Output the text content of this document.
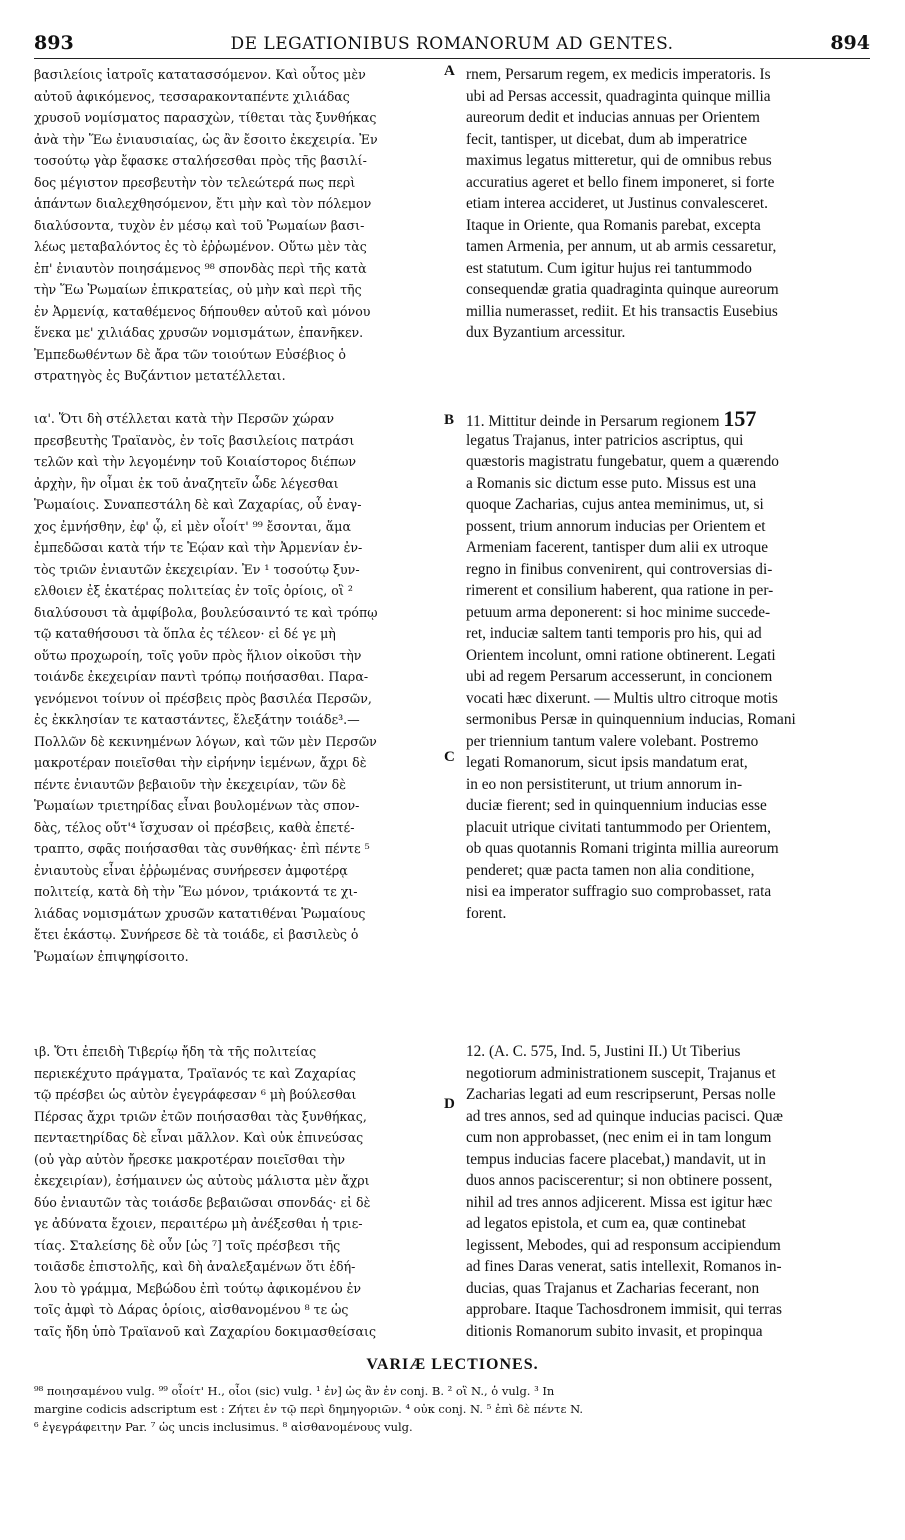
893	DE LEGATIONIBUS ROMANORUM AD GENTES.	894
A
B
C
D
βασιλείοις ἰατροῖς κατατασσόμενον. Καὶ οὗτος μὲν
αὐτοῦ ἀφικόμενος, τεσσαρακονταπέντε χιλιάδας
χρυσοῦ νομίσματος παρασχὼν, τίθεται τὰς ξυνθήκας
ἀνὰ τὴν Ἕω ἐνιαυσιαίας, ὡς ἂν ἔσοιτο ἐκεχειρία. Ἐν
τοσούτῳ γὰρ ἔφασκε σταλήσεσθαι πρὸς τῆς βασιλί-
δος μέγιστον πρεσβευτὴν τὸν τελεώτερά πως περὶ
ἁπάντων διαλεχθησόμενον, ἔτι μὴν καὶ τὸν πόλεμον
διαλύσοντα, τυχὸν ἐν μέσῳ καὶ τοῦ Ῥωμαίων βασι-
λέως μεταβαλόντος ἐς τὸ ἐῤῥωμένον. Οὕτω μὲν τὰς
ἐπ' ἐνιαυτὸν ποιησάμενος ⁹⁸ σπονδὰς περὶ τῆς κατὰ
τὴν Ἕω Ῥωμαίων ἐπικρατείας, οὐ μὴν καὶ περὶ τῆς
ἐν Ἀρμενίᾳ, καταθέμενος δήπουθεν αὐτοῦ καὶ μόνου
ἕνεκα με' χιλιάδας χρυσῶν νομισμάτων, ἐπανῆκεν.
Ἐμπεδωθέντων δὲ ἄρα τῶν τοιούτων Εὐσέβιος ὁ
στρατηγὸς ἐς Βυζάντιον μετατέλλεται.
rnem, Persarum regem, ex medicis imperatoris. Is
ubi ad Persas accessit, quadraginta quinque millia
aureorum dedit et inducias annuas per Orientem
fecit, tantisper, ut dicebat, dum ab imperatrice
maximus legatus mitteretur, qui de omnibus rebus
accuratius ageret et bello finem imponeret, si forte
etiam interea accideret, ut Justinus convalesceret.
Itaque in Oriente, qua Romanis parebat, excepta
tamen Armenia, per annum, ut ab armis cessaretur,
est statutum. Cum igitur hujus rei tantummodo
consequendæ gratia quadraginta quinque aureorum
millia numerasset, rediit. Et his transactis Eusebius
dux Byzantium arcessitur.
ια'. Ὅτι δὴ στέλλεται κατὰ τὴν Περσῶν χώραν
πρεσβευτὴς Τραϊανὸς, ἐν τοῖς βασιλείοις πατράσι
τελῶν καὶ τὴν λεγομένην τοῦ Κοιαίστορος διέπων
ἀρχὴν, ἣν οἶμαι ἐκ τοῦ ἀναζητεῖν ὧδε λέγεσθαι
Ῥωμαίοις. Συναπεστάλη δὲ καὶ Ζαχαρίας, οὗ ἐναγ-
χος ἐμνήσθην, ἐφ' ᾧ, εἰ μὲν οἷοίτ' ⁹⁹ ἔσονται, ἅμα
ἐμπεδῶσαι κατὰ τήν τε Ἑῴαν καὶ τὴν Ἀρμενίαν ἐν-
τὸς τριῶν ἐνιαυτῶν ἐκεχειρίαν. Ἐν ¹ τοσούτῳ ξυν-
ελθοιεν ἐξ ἑκατέρας πολιτείας ἐν τοῖς ὁρίοις, οἳ ²
διαλύσουσι τὰ ἀμφίβολα, βουλεύσαιντό τε καὶ τρόπῳ
τῷ καταθήσουσι τὰ ὅπλα ἐς τέλεον· εἰ δέ γε μὴ
οὕτω προχωροίη, τοῖς γοῦν πρὸς ἥλιον οἰκοῦσι τὴν
τοιάνδε ἐκεχειρίαν παντὶ τρόπῳ ποιήσασθαι. Παρα-
γενόμενοι τοίνυν οἱ πρέσβεις πρὸς βασιλέα Περσῶν,
ἐς ἐκκλησίαν τε καταστάντες, ἔλεξάτην τοιάδε³.—
Πολλῶν δὲ κεκινημένων λόγων, καὶ τῶν μὲν Περσῶν
μακροτέραν ποιεῖσθαι τὴν εἰρήνην ἱεμένων, ἄχρι δὲ
πέντε ἐνιαυτῶν βεβαιοῦν τὴν ἐκεχειρίαν, τῶν δὲ
Ῥωμαίων τριετηρίδας εἶναι βουλομένων τὰς σπον-
δὰς, τέλος οὔτ'⁴ ἴσχυσαν οἱ πρέσβεις, καθὰ ἐπετέ-
τραπτο, σφᾶς ποιήσασθαι τὰς συνθήκας· ἐπὶ πέντε ⁵
ἐνιαυτοὺς εἶναι ἐῤῥωμένας συνήρεσεν ἀμφοτέρᾳ
πολιτείᾳ, κατὰ δὴ τὴν Ἕω μόνον, τριάκοντά τε χι-
λιάδας νομισμάτων χρυσῶν κατατιθέναι Ῥωμαίους
ἔτει ἑκάστῳ. Συνήρεσε δὲ τὰ τοιάδε, εἰ βασιλεὺς ὁ
Ῥωμαίων ἐπιψηφίσοιτο.
11. Mittitur deinde in Persarum regionem 157
legatus Trajanus, inter patricios ascriptus, qui
quæstoris magistratu fungebatur, quem a quærendo
a Romanis sic dictum esse puto. Missus est una
quoque Zacharias, cujus antea meminimus, ut, si
possent, trium annorum inducias per Orientem et
Armeniam facerent, tantisper dum alii ex utroque
regno in finibus convenirent, qui controversias di-
rimerent et consilium haberent, qua ratione in per-
petuum arma deponerent: si hoc minime succede-
ret, induciæ saltem tanti temporis pro his, qui ad
Orientem incolunt, omni ratione obtinerent. Legati
ubi ad regem Persarum accesserunt, in concionem
vocati hæc dixerunt. — Multis ultro citroque motis
sermonibus Persæ in quinquennium inducias, Romani
per triennium tantum valere volebant. Postremo
legati Romanorum, sicut ipsis mandatum erat,
in eo non persistiterunt, ut trium annorum in-
duciæ fierent; sed in quinquennium inducias esse
placuit utrique civitati tantummodo per Orientem,
ob quas quotannis Romani triginta millia aureorum
penderet; quæ pacta tamen non alia conditione,
nisi ea imperator suffragio suo comprobasset, rata
forent.
ιβ. Ὅτι ἐπειδὴ Τιβερίῳ ἤδη τὰ τῆς πολιτείας
περιεκέχυτο πράγματα, Τραϊανός τε καὶ Ζαχαρίας
τῷ πρέσβει ὡς αὐτὸν ἐγεγράφεσαν ⁶ μὴ βούλεσθαι
Πέρσας ἄχρι τριῶν ἐτῶν ποιήσασθαι τὰς ξυνθήκας,
πενταετηρίδας δὲ εἶναι μᾶλλον. Καὶ οὐκ ἐπινεύσας
(οὐ γὰρ αὐτὸν ἤρεσκε μακροτέραν ποιεῖσθαι τὴν
ἐκεχειρίαν), ἐσήμαινεν ὡς αὐτοὺς μάλιστα μὲν ἄχρι
δύο ἐνιαυτῶν τὰς τοιάσδε βεβαιῶσαι σπονδάς· εἰ δὲ
γε ἀδύνατα ἔχοιεν, περαιτέρω μὴ ἀνέξεσθαι ἡ τριε-
τίας. Σταλείσης δὲ οὖν [ὡς ⁷] τοῖς πρέσβεσι τῆς
τοιᾶσδε ἐπιστολῆς, καὶ δὴ ἀναλεξαμένων ὅτι ἐδή-
λου τὸ γράμμα, Μεβώδου ἐπὶ τούτῳ ἀφικομένου ἐν
τοῖς ἀμφὶ τὸ Δάρας ὁρίοις, αἰσθανομένου ⁸ τε ὡς
ταῖς ἤδη ὑπὸ Τραϊανοῦ καὶ Ζαχαρίου δοκιμασθείσαις
12. (A. C. 575, Ind. 5, Justini II.) Ut Tiberius
negotiorum administrationem suscepit, Trajanus et
Zacharias legati ad eum rescripserunt, Persas nolle
ad tres annos, sed ad quinque inducias pacisci. Quæ
cum non approbasset, (nec enim ei in tam longum
tempus inducias facere placebat,) mandavit, ut in
duos annos paciscerentur; si non obtinere possent,
nihil ad tres annos adjicerent. Missa est igitur hæc
ad legatos epistola, et cum ea, quæ continebat
legissent, Mebodes, qui ad responsum accipiendum
ad fines Daras venerat, satis intellexit, Romanos in-
ducias, quas Trajanus et Zacharias fecerant, non
approbare. Itaque Tachosdronem immisit, qui terras
ditionis Romanorum subito invasit, et propinqua
VARIÆ LECTIONES.
⁹⁸ ποιησαμένου vulg. ⁹⁹ οἷοίτ' H., οἷοι (sic) vulg. ¹ ἐν] ὡς ἂν ἐν conj. B. ² οἳ N., ὁ vulg. ³ In
margine codicis adscriptum est : Ζήτει ἐν τῷ περὶ δημηγοριῶν. ⁴ οὐκ conj. N. ⁵ ἐπὶ δὲ πέντε N.
⁶ ἐγεγράφειτην Par. ⁷ ὡς uncis inclusimus. ⁸ αἰσθανομένους vulg.
